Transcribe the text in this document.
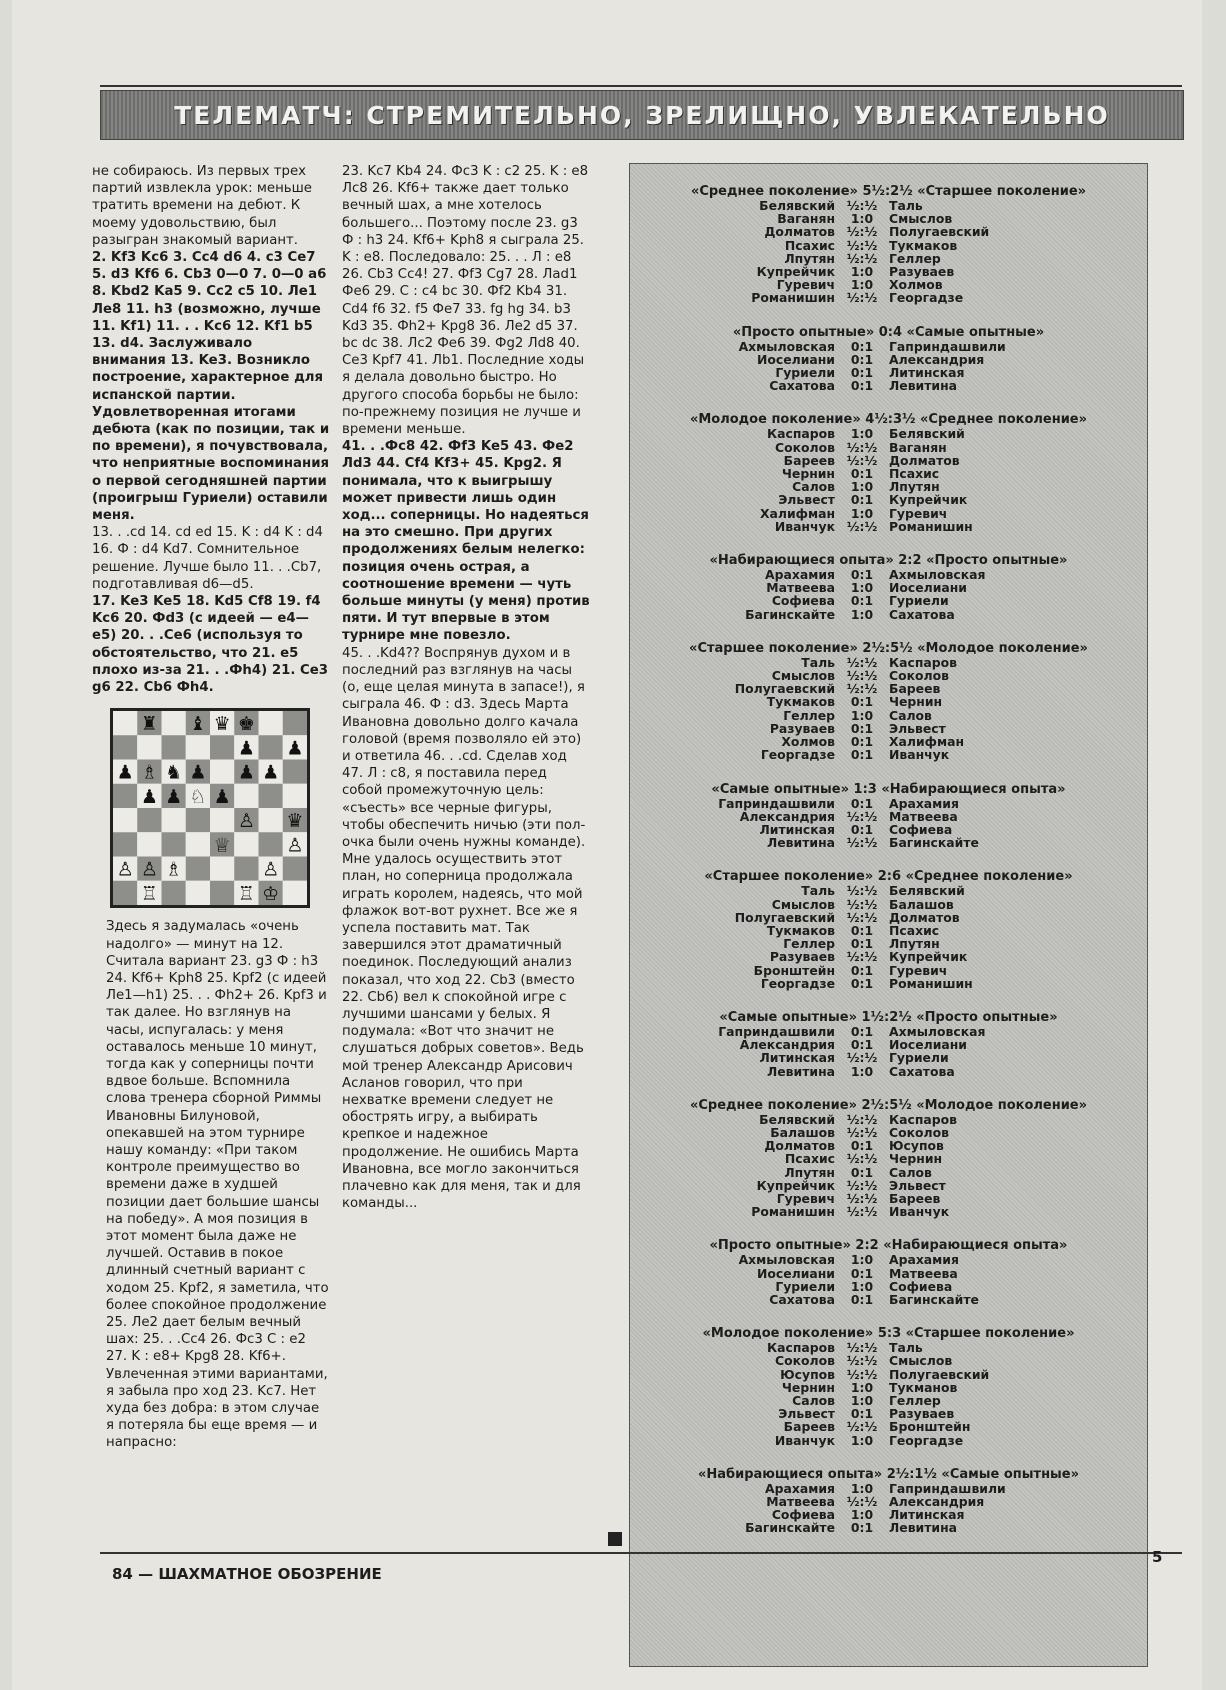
ТЕЛЕМАТЧ: СТРЕМИТЕЛЬНО, ЗРЕЛИЩНО, УВЛЕКАТЕЛЬНО

не собираюсь. Из первых трех партий извлекла урок: меньше тратить времени на дебют. К моему удовольствию, был разыгран знакомый вариант.

2. Kf3 Kc6 3. Cc4 d6 4. c3 Ce7 5. d3 Kf6 6. Cb3 0—0 7. 0—0 a6 8. Kbd2 Ka5 9. Cc2 c5 10. Лe1 Лe8 11. h3 (возможно, лучше 11. Kf1) 11. . . Kc6 12. Kf1 b5 13. d4. Заслуживало внимания 13. Ke3. Возникло построение, характерное для испанской партии. Удовлетворенная итогами дебюта (как по позиции, так и по времени), я почувствовала, что неприятные воспоминания о первой сегодняшней партии (проигрыш Гуриели) оставили меня.

13. . .cd 14. cd ed 15. K : d4 K : d4 16. Ф : d4 Kd7. Сомнительное решение. Лучше было 11. . .Cb7, подготавливая d6—d5.

17. Ke3 Ke5 18. Kd5 Cf8 19. f4 Kc6 20. Фd3 (с идеей — e4—e5) 20. . .Ce6 (используя то обстоятельство, что 21. e5 плохо из-за 21. . .Фh4) 21. Ce3 g6 22. Cb6 Фh4.

♜ ♝ ♛ ♚
♟ ♟
♟ ♗ ♞ ♟ ♟ ♟
♟ ♟ ♘ ♟
♙ ♛
♕	♙
♙ ♙ ♗	♙
♖	♖ ♔

Здесь я задумалась «очень надолго» — минут на 12. Считала вариант 23. g3 Ф : h3 24. Kf6+ Kph8 25. Kpf2 (с идеей Лe1—h1) 25. . . Фh2+ 26. Kpf3 и так далее. Но взглянув на часы, испугалась: у меня оставалось меньше 10 минут, тогда как у соперницы почти вдвое больше. Вспомнила слова тренера сборной Риммы Ивановны Билуновой, опекавшей на этом турнире нашу команду: «При таком контроле преимущество во времени даже в худшей позиции дает большие шансы на победу». А моя позиция в этот момент была даже не лучшей. Оставив в покое длинный счетный вариант с ходом 25. Kpf2, я заметила, что более спокойное продолжение 25. Лe2 дает белым вечный шах: 25. . .Cc4 26. Фc3 C : e2 27. K : e8+ Kpg8 28. Kf6+. Увлеченная этими вариантами, я забыла про ход 23. Kc7. Нет худа без добра: в этом случае я потеряла бы еще время — и напрасно:

23. Kc7 Kb4 24. Фc3 K : c2 25. K : e8 Лc8 26. Kf6+ также дает только вечный шах, а мне хотелось большего... Поэтому после 23. g3 Ф : h3 24. Kf6+ Kph8 я сыграла 25. K : e8. Последовало: 25. . . Л : e8 26. Cb3 Cc4! 27. Фf3 Cg7 28. Лad1 Фe6 29. C : c4 bc 30. Фf2 Kb4 31. Cd4 f6 32. f5 Фe7 33. fg hg 34. b3 Kd3 35. Фh2+ Kpg8 36. Лe2 d5 37. bc dc 38. Лc2 Фe6 39. Фg2 Лd8 40. Ce3 Kpf7 41. Лb1. Последние ходы я делала довольно быстро. Но другого способа борьбы не было: по-прежнему позиция не лучше и времени меньше.

41. . .Фc8 42. Фf3 Ke5 43. Фe2 Лd3 44. Cf4 Kf3+ 45. Kpg2. Я понимала, что к выигрышу может привести лишь один ход... соперницы. Но надеяться на это смешно. При других продолжениях белым нелегко: позиция очень острая, а соотношение времени — чуть больше минуты (у меня) против пяти. И тут впервые в этом турнире мне повезло.

45. . .Kd4?? Воспрянув духом и в последний раз взглянув на часы (о, еще целая минута в запасе!), я сыграла 46. Ф : d3. Здесь Марта Ивановна довольно долго качала головой (время позволяло ей это) и ответила 46. . .cd. Сделав ход 47. Л : c8, я поставила перед собой промежуточную цель: «съесть» все черные фигуры, чтобы обеспечить ничью (эти пол-очка были очень нужны команде). Мне удалось осуществить этот план, но соперница продолжала играть королем, надеясь, что мой флажок вот-вот рухнет. Все же я успела поставить мат. Так завершился этот драматичный поединок. Последующий анализ показал, что ход 22. Cb3 (вместо 22. Cb6) вел к спокойной игре с лучшими шансами у белых. Я подумала: «Вот что значит не слушаться добрых советов». Ведь мой тренер Александр Арисович Асланов говорил, что при нехватке времени следует не обострять игру, а выбирать крепкое и надежное продолжение. Не ошибись Марта Ивановна, все могло закончиться плачевно как для меня, так и для команды...

«Среднее поколение» 5½:2½ «Старшее поколение»
Белявский ½:½ Таль
Ваганян	1:0	Смыслов
Долматов ½:½ Полугаевский
Псахис ½:½ Тукмаков
Лпутян ½:½ Геллер
Купрейчик	1:0	Разуваев
Гуревич	1:0	Холмов
Романишин ½:½ Георгадзе
«Просто опытные» 0:4 «Самые опытные»
Ахмыловская	0:1	Гаприндашвили
Иоселиани	0:1	Александрия
Гуриели	0:1	Литинская
Сахатова	0:1	Левитина
«Молодое поколение» 4½:3½ «Среднее поколение»
Каспаров	1:0	Белявский
Соколов ½:½ Ваганян
Бареев ½:½ Долматов
Чернин	0:1	Псахис
Салов	1:0	Лпутян
Эльвест	0:1	Купрейчик
Халифман	1:0	Гуревич
Иванчук ½:½ Романишин
«Набирающиеся опыта» 2:2 «Просто опытные»
Арахамия	0:1	Ахмыловская
Матвеева	1:0	Иоселиани
Софиева	0:1	Гуриели
Багинскайте	1:0	Сахатова
«Старшее поколение» 2½:5½ «Молодое поколение»
Таль ½:½ Каспаров
Смыслов ½:½ Соколов
Полугаевский ½:½ Бареев
Тукмаков	0:1	Чернин
Геллер	1:0	Салов
Разуваев	0:1	Эльвест
Холмов	0:1	Халифман
Георгадзе	0:1	Иванчук
«Самые опытные» 1:3 «Набирающиеся опыта»
Гаприндашвили	0:1	Арахамия
Александрия ½:½ Матвеева
Литинская	0:1	Софиева
Левитина ½:½ Багинскайте
«Старшее поколение» 2:6 «Среднее поколение»
Таль ½:½ Белявский
Смыслов ½:½ Балашов
Полугаевский ½:½ Долматов
Тукмаков	0:1	Псахис
Геллер	0:1	Лпутян
Разуваев ½:½ Купрейчик
Бронштейн	0:1	Гуревич
Георгадзе	0:1	Романишин
«Самые опытные» 1½:2½ «Просто опытные»
Гаприндашвили	0:1	Ахмыловская
Александрия	0:1	Иоселиани
Литинская ½:½ Гуриели
Левитина	1:0	Сахатова
«Среднее поколение» 2½:5½ «Молодое поколение»
Белявский ½:½ Каспаров
Балашов ½:½ Соколов
Долматов	0:1	Юсупов
Псахис ½:½ Чернин
Лпутян	0:1	Салов
Купрейчик ½:½ Эльвест
Гуревич ½:½ Бареев
Романишин ½:½ Иванчук
«Просто опытные» 2:2 «Набирающиеся опыта»
Ахмыловская	1:0	Арахамия
Иоселиани	0:1	Матвеева
Гуриели	1:0	Софиева
Сахатова	0:1	Багинскайте
«Молодое поколение» 5:3 «Старшее поколение»
Каспаров ½:½ Таль
Соколов ½:½ Смыслов
Юсупов ½:½ Полугаевский
Чернин	1:0	Тукманов
Салов	1:0	Геллер
Эльвест	0:1	Разуваев
Бареев ½:½ Бронштейн
Иванчук	1:0	Георгадзе
«Набирающиеся опыта» 2½:1½ «Самые опытные»
Арахамия	1:0	Гаприндашвили
Матвеева ½:½ Александрия
Софиева	1:0	Литинская
Багинскайте	0:1	Левитина
84 — ШАХМАТНОЕ ОБОЗРЕНИЕ
5
